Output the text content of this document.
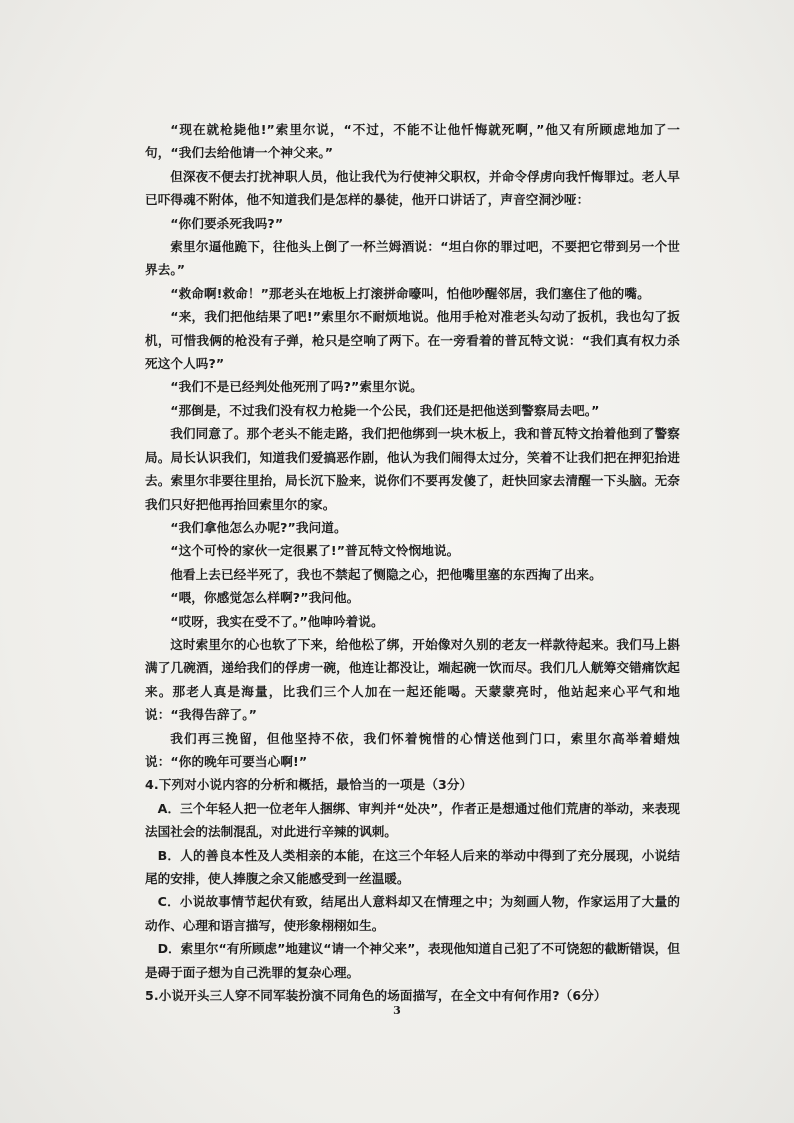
“现在就枪毙他!”索里尔说，“不过，不能不让他忏悔就死啊，”他又有所顾虑地加了一句，“我们去给他请一个神父来。”

但深夜不便去打扰神职人员，他让我代为行使神父职权，并命令俘虏向我忏悔罪过。老人早已吓得魂不附体，他不知道我们是怎样的暴徒，他开口讲话了，声音空洞沙哑：

“你们要杀死我吗?”

索里尔逼他跪下，往他头上倒了一杯兰姆酒说：“坦白你的罪过吧，不要把它带到另一个世界去。”

“救命啊!救命！”那老头在地板上打滚拼命嚎叫，怕他吵醒邻居，我们塞住了他的嘴。

“来，我们把他结果了吧!”索里尔不耐烦地说。他用手枪对准老头勾动了扳机，我也勾了扳机，可惜我俩的枪没有子弹，枪只是空响了两下。在一旁看着的普瓦特文说：“我们真有权力杀死这个人吗?”

“我们不是已经判处他死刑了吗?”索里尔说。

“那倒是，不过我们没有权力枪毙一个公民，我们还是把他送到警察局去吧。”

我们同意了。那个老头不能走路，我们把他绑到一块木板上，我和普瓦特文抬着他到了警察局。局长认识我们，知道我们爱搞恶作剧，他认为我们闹得太过分，笑着不让我们把在押犯抬进去。索里尔非要往里抬，局长沉下脸来，说你们不要再发傻了，赶快回家去清醒一下头脑。无奈我们只好把他再抬回索里尔的家。

“我们拿他怎么办呢?”我问道。

“这个可怜的家伙一定很累了!”普瓦特文怜悯地说。

他看上去已经半死了，我也不禁起了恻隐之心，把他嘴里塞的东西掏了出来。

“喂，你感觉怎么样啊?”我问他。

“哎呀，我实在受不了。”他呻吟着说。

这时索里尔的心也软了下来，给他松了绑，开始像对久别的老友一样款待起来。我们马上斟满了几碗酒，递给我们的俘虏一碗，他连让都没让，端起碗一饮而尽。我们几人觥筹交错痛饮起来。那老人真是海量，比我们三个人加在一起还能喝。天蒙蒙亮时，他站起来心平气和地说：“我得告辞了。”

我们再三挽留，但他坚持不依，我们怀着惋惜的心情送他到门口，索里尔高举着蜡烛说：“你的晚年可要当心啊!”

4.下列对小说内容的分析和概括，最恰当的一项是（3分）

A．三个年轻人把一位老年人捆绑、审判并“处决”，作者正是想通过他们荒唐的举动，来表现法国社会的法制混乱，对此进行辛辣的讽刺。

B．人的善良本性及人类相亲的本能，在这三个年轻人后来的举动中得到了充分展现，小说结尾的安排，使人捧腹之余又能感受到一丝温暖。

C．小说故事情节起伏有致，结尾出人意料却又在情理之中；为刻画人物，作家运用了大量的动作、心理和语言描写，使形象栩栩如生。

D．索里尔“有所顾虑”地建议“请一个神父来”，表现他知道自己犯了不可饶恕的截断错误，但是碍于面子想为自己洗罪的复杂心理。

5.小说开头三人穿不同军装扮演不同角色的场面描写，在全文中有何作用?（6分）

3
